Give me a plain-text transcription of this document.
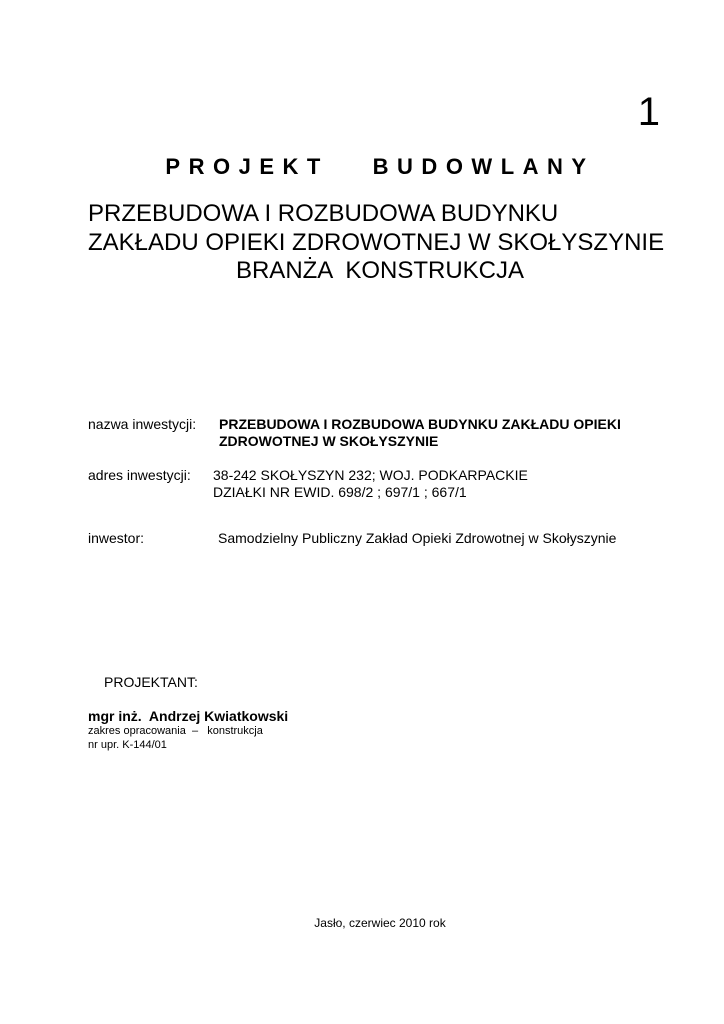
1
PROJEKT   BUDOWLANY
PRZEBUDOWA I ROZBUDOWA BUDYNKU
ZAKŁADU OPIEKI ZDROWOTNEJ W SKOŁYSZYNIE
BRANŻA  KONSTRUKCJA
nazwa inwestycji: PRZEBUDOWA I ROZBUDOWA BUDYNKU ZAKŁADU OPIEKI
ZDROWOTNEJ W SKOŁYSZYNIE
adres inwestycji: 38-242 SKOŁYSZYN 232; WOJ. PODKARPACKIE
DZIAŁKI NR EWID. 698/2 ; 697/1 ; 667/1
inwestor:	Samodzielny Publiczny Zakład Opieki Zdrowotnej w Skołyszynie
PROJEKTANT:
mgr inż.  Andrzej Kwiatkowski
zakres opracowania  –   konstrukcja
nr upr. K-144/01
Jasło, czerwiec 2010 rok
